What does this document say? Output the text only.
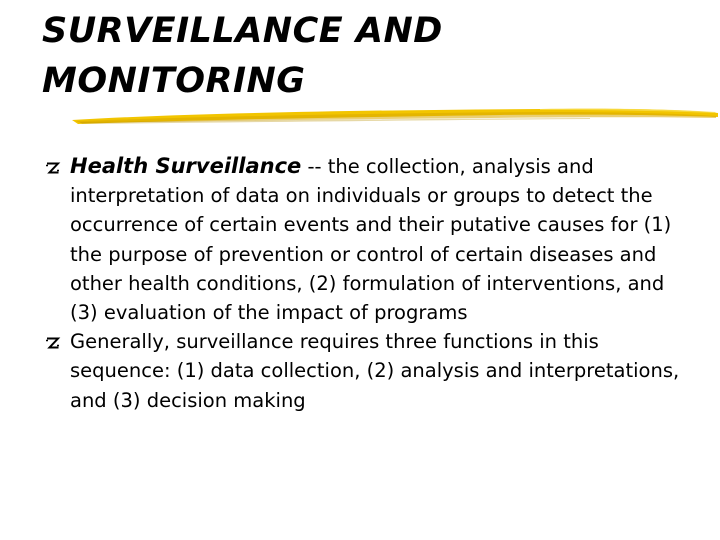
SURVEILLANCE AND
MONITORING
Health Surveillance -- the collection, analysis and interpretation of data on individuals or groups to detect the occurrence of certain events and their putative causes for (1) the purpose of prevention or control of certain diseases and other health conditions, (2) formulation of interventions, and (3) evaluation of the impact of programs
Generally, surveillance requires three functions in this sequence: (1) data collection, (2) analysis and interpretations, and (3) decision making
